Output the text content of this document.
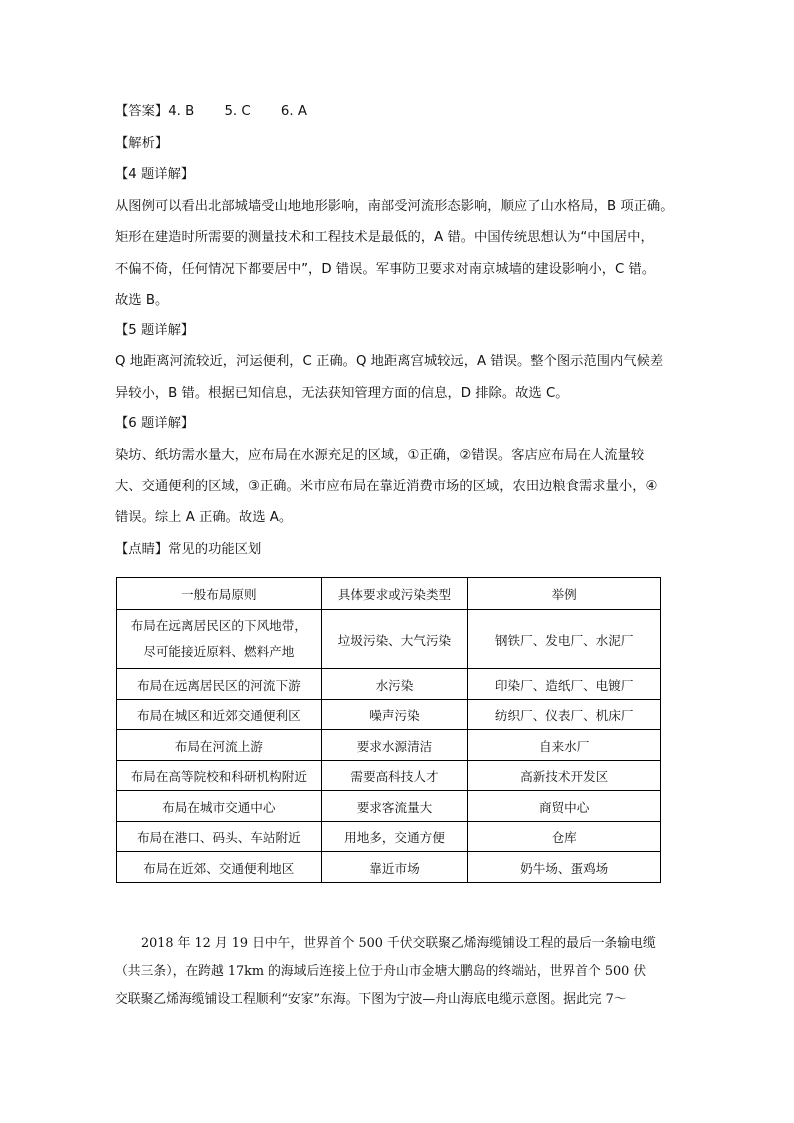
【答案】4. B 5. C 6. A
【解析】
【4 题详解】
从图例可以看出北部城墙受山地地形影响，南部受河流形态影响，顺应了山水格局，B 项正确。
矩形在建造时所需要的测量技术和工程技术是最低的，A 错。中国传统思想认为“中国居中，
不偏不倚，任何情况下都要居中”，D 错误。军事防卫要求对南京城墙的建设影响小，C 错。
故选 B。
【5 题详解】
Q 地距离河流较近，河运便利，C 正确。Q 地距离宫城较远，A 错误。整个图示范围内气候差
异较小，B 错。根据已知信息，无法获知管理方面的信息，D 排除。故选 C。
【6 题详解】
染坊、纸坊需水量大，应布局在水源充足的区域，①正确，②错误。客店应布局在人流量较
大、交通便利的区域，③正确。米市应布局在靠近消费市场的区域，农田边粮食需求量小，④
错误。综上 A 正确。故选 A。
【点睛】常见的功能区划
一般布局原则	具体要求或污染类型	举例

布局在远离居民区的下风地带，
尽可能接近原料、燃料产地	垃圾污染、大气污染	钢铁厂、发电厂、水泥厂
布局在远离居民区的河流下游	水污染	印染厂、造纸厂、电镀厂
布局在城区和近郊交通便利区	噪声污染	纺织厂、仪表厂、机床厂
布局在河流上游	要求水源清洁	自来水厂
布局在高等院校和科研机构附近	需要高科技人才	高新技术开发区
布局在城市交通中心	要求客流量大	商贸中心
布局在港口、码头、车站附近	用地多，交通方便	仓库
布局在近郊、交通便利地区	靠近市场	奶牛场、蛋鸡场
2018 年 12 月 19 日中午，世界首个 500 千伏交联聚乙烯海缆铺设工程的最后一条输电缆
（共三条），在跨越 17km 的海域后连接上位于舟山市金塘大鹏岛的终端站，世界首个 500 伏
交联聚乙烯海缆铺设工程顺利“安家”东海。下图为宁波—舟山海底电缆示意图。据此完 7～
